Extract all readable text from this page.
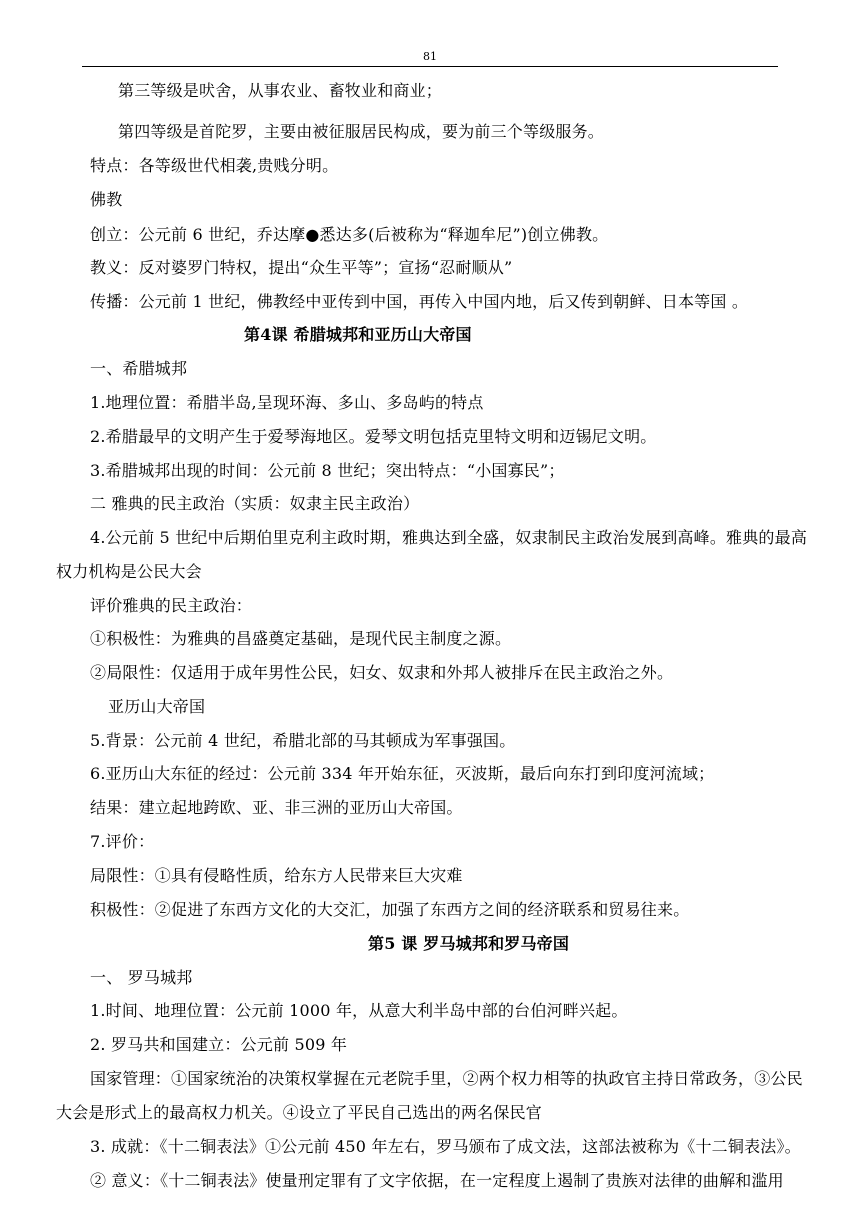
81
第三等级是吠舍，从事农业、畜牧业和商业；
第四等级是首陀罗，主要由被征服居民构成，要为前三个等级服务。
特点：各等级世代相袭,贵贱分明。
佛教
创立：公元前 6 世纪，乔达摩●悉达多(后被称为“释迦牟尼”)创立佛教。
教义：反对婆罗门特权，提出“众生平等”；宣扬“忍耐顺从”
传播：公元前 1 世纪，佛教经中亚传到中国，再传入中国内地，后又传到朝鲜、日本等国 。
第4课 希腊城邦和亚历山大帝国
一、希腊城邦
1.地理位置：希腊半岛,呈现环海、多山、多岛屿的特点
2.希腊最早的文明产生于爱琴海地区。爱琴文明包括克里特文明和迈锡尼文明。
3.希腊城邦出现的时间：公元前 8 世纪；突出特点：“小国寡民”；
二 雅典的民主政治（实质：奴隶主民主政治）
4.公元前 5 世纪中后期伯里克利主政时期，雅典达到全盛，奴隶制民主政治发展到高峰。雅典的最高
权力机构是公民大会
评价雅典的民主政治：
①积极性：为雅典的昌盛奠定基础，是现代民主制度之源。
②局限性：仅适用于成年男性公民，妇女、奴隶和外邦人被排斥在民主政治之外。
亚历山大帝国
5.背景：公元前 4 世纪，希腊北部的马其顿成为军事强国。
6.亚历山大东征的经过：公元前 334 年开始东征，灭波斯，最后向东打到印度河流域；
结果：建立起地跨欧、亚、非三洲的亚历山大帝国。
7.评价：
局限性：①具有侵略性质，给东方人民带来巨大灾难
积极性：②促进了东西方文化的大交汇，加强了东西方之间的经济联系和贸易往来。
第5 课 罗马城邦和罗马帝国
一、 罗马城邦
1.时间、地理位置：公元前 1000 年，从意大利半岛中部的台伯河畔兴起。
2. 罗马共和国建立：公元前 509 年
国家管理：①国家统治的决策权掌握在元老院手里，②两个权力相等的执政官主持日常政务，③公民
大会是形式上的最高权力机关。④设立了平民自己选出的两名保民官
3. 成就：《十二铜表法》①公元前 450 年左右，罗马颁布了成文法，这部法被称为《十二铜表法》。
② 意义：《十二铜表法》使量刑定罪有了文字依据，在一定程度上遏制了贵族对法律的曲解和滥用
